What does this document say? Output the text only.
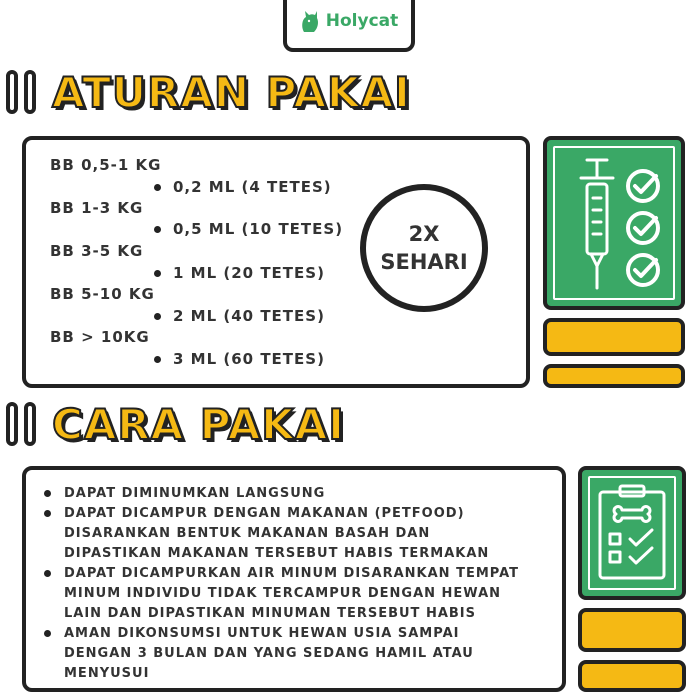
Holycat
ATURAN PAKAI
BB 0,5-1 KG
0,2 ML (4 TETES)
BB 1-3 KG
0,5 ML (10 TETES)
BB 3-5 KG
1 ML (20 TETES)
BB 5-10 KG
2 ML (40 TETES)
BB > 10KG
3 ML (60 TETES)
2X
SEHARI
CARA PAKAI
DAPAT DIMINUMKAN LANGSUNG
DAPAT DICAMPUR DENGAN MAKANAN (PETFOOD)
DISARANKAN BENTUK MAKANAN BASAH DAN
DIPASTIKAN MAKANAN TERSEBUT HABIS TERMAKAN
DAPAT DICAMPURKAN AIR MINUM DISARANKAN TEMPAT
MINUM INDIVIDU TIDAK TERCAMPUR DENGAN HEWAN
LAIN DAN DIPASTIKAN MINUMAN TERSEBUT HABIS
AMAN DIKONSUMSI UNTUK HEWAN USIA SAMPAI
DENGAN 3 BULAN DAN YANG SEDANG HAMIL ATAU
MENYUSUI
